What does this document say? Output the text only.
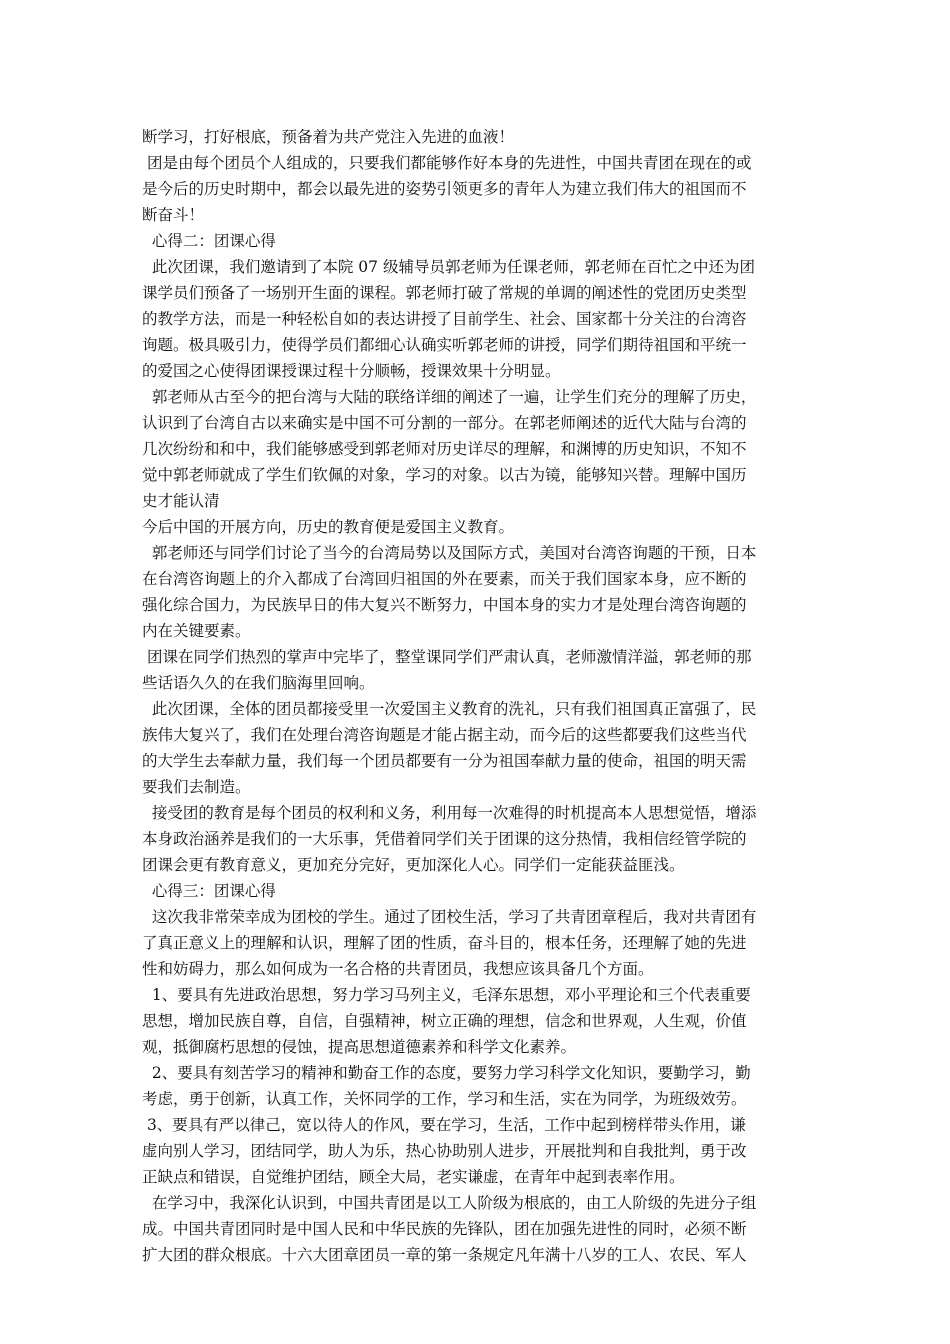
断学习，打好根底，预备着为共产党注入先进的血液！
团是由每个团员个人组成的，只要我们都能够作好本身的先进性，中国共青团在现在的或
是今后的历史时期中，都会以最先进的姿势引领更多的青年人为建立我们伟大的祖国而不
断奋斗！
心得二：团课心得
此次团课，我们邀请到了本院 07 级辅导员郭老师为任课老师，郭老师在百忙之中还为团
课学员们预备了一场别开生面的课程。郭老师打破了常规的单调的阐述性的党团历史类型
的教学方法，而是一种轻松自如的表达讲授了目前学生、社会、国家都十分关注的台湾咨
询题。极具吸引力，使得学员们都细心认确实听郭老师的讲授，同学们期待祖国和平统一
的爱国之心使得团课授课过程十分顺畅，授课效果十分明显。
郭老师从古至今的把台湾与大陆的联络详细的阐述了一遍，让学生们充分的理解了历史，
认识到了台湾自古以来确实是中国不可分割的一部分。在郭老师阐述的近代大陆与台湾的
几次纷纷和和中，我们能够感受到郭老师对历史详尽的理解，和渊博的历史知识，不知不
觉中郭老师就成了学生们钦佩的对象，学习的对象。以古为镜，能够知兴替。理解中国历
史才能认清
今后中国的开展方向，历史的教育便是爱国主义教育。
郭老师还与同学们讨论了当今的台湾局势以及国际方式，美国对台湾咨询题的干预，日本
在台湾咨询题上的介入都成了台湾回归祖国的外在要素，而关于我们国家本身，应不断的
强化综合国力，为民族早日的伟大复兴不断努力，中国本身的实力才是处理台湾咨询题的
内在关键要素。
团课在同学们热烈的掌声中完毕了，整堂课同学们严肃认真，老师激情洋溢，郭老师的那
些话语久久的在我们脑海里回响。
此次团课，全体的团员都接受里一次爱国主义教育的洗礼，只有我们祖国真正富强了，民
族伟大复兴了，我们在处理台湾咨询题是才能占据主动，而今后的这些都要我们这些当代
的大学生去奉献力量，我们每一个团员都要有一分为祖国奉献力量的使命，祖国的明天需
要我们去制造。
接受团的教育是每个团员的权利和义务，利用每一次难得的时机提高本人思想觉悟，增添
本身政治涵养是我们的一大乐事，凭借着同学们关于团课的这分热情，我相信经管学院的
团课会更有教育意义，更加充分完好，更加深化人心。同学们一定能获益匪浅。
心得三：团课心得
这次我非常荣幸成为团校的学生。通过了团校生活，学习了共青团章程后，我对共青团有
了真正意义上的理解和认识，理解了团的性质，奋斗目的，根本任务，还理解了她的先进
性和妨碍力，那么如何成为一名合格的共青团员，我想应该具备几个方面。
1、要具有先进政治思想，努力学习马列主义，毛泽东思想，邓小平理论和三个代表重要
思想，增加民族自尊，自信，自强精神，树立正确的理想，信念和世界观，人生观，价值
观，抵御腐朽思想的侵蚀，提高思想道德素养和科学文化素养。
2、要具有刻苦学习的精神和勤奋工作的态度，要努力学习科学文化知识，要勤学习，勤
考虑，勇于创新，认真工作，关怀同学的工作，学习和生活，实在为同学，为班级效劳。
3、要具有严以律己，宽以待人的作风，要在学习，生活，工作中起到榜样带头作用，谦
虚向别人学习，团结同学，助人为乐，热心协助别人进步，开展批判和自我批判，勇于改
正缺点和错误，自觉维护团结，顾全大局，老实谦虚，在青年中起到表率作用。
在学习中，我深化认识到，中国共青团是以工人阶级为根底的，由工人阶级的先进分子组
成。中国共青团同时是中国人民和中华民族的先锋队，团在加强先进性的同时，必须不断
扩大团的群众根底。十六大团章团员一章的第一条规定凡年满十八岁的工人、农民、军人
